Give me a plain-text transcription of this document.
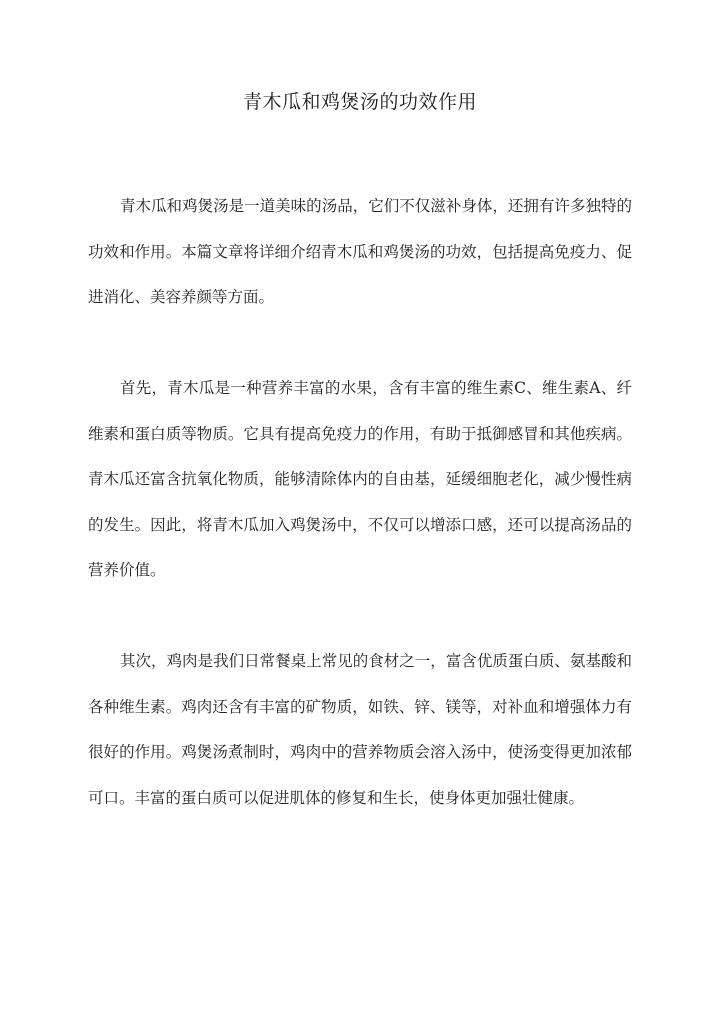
青木瓜和鸡煲汤的功效作用

青木瓜和鸡煲汤是一道美味的汤品，它们不仅滋补身体，还拥有许多独特的功效和作用。本篇文章将详细介绍青木瓜和鸡煲汤的功效，包括提高免疫力、促进消化、美容养颜等方面。

首先，青木瓜是一种营养丰富的水果，含有丰富的维生素C、维生素A、纤维素和蛋白质等物质。它具有提高免疫力的作用，有助于抵御感冒和其他疾病。青木瓜还富含抗氧化物质，能够清除体内的自由基，延缓细胞老化，减少慢性病的发生。因此，将青木瓜加入鸡煲汤中，不仅可以增添口感，还可以提高汤品的营养价值。

其次，鸡肉是我们日常餐桌上常见的食材之一，富含优质蛋白质、氨基酸和各种维生素。鸡肉还含有丰富的矿物质，如铁、锌、镁等，对补血和增强体力有很好的作用。鸡煲汤煮制时，鸡肉中的营养物质会溶入汤中，使汤变得更加浓郁可口。丰富的蛋白质可以促进肌体的修复和生长，使身体更加强壮健康。
